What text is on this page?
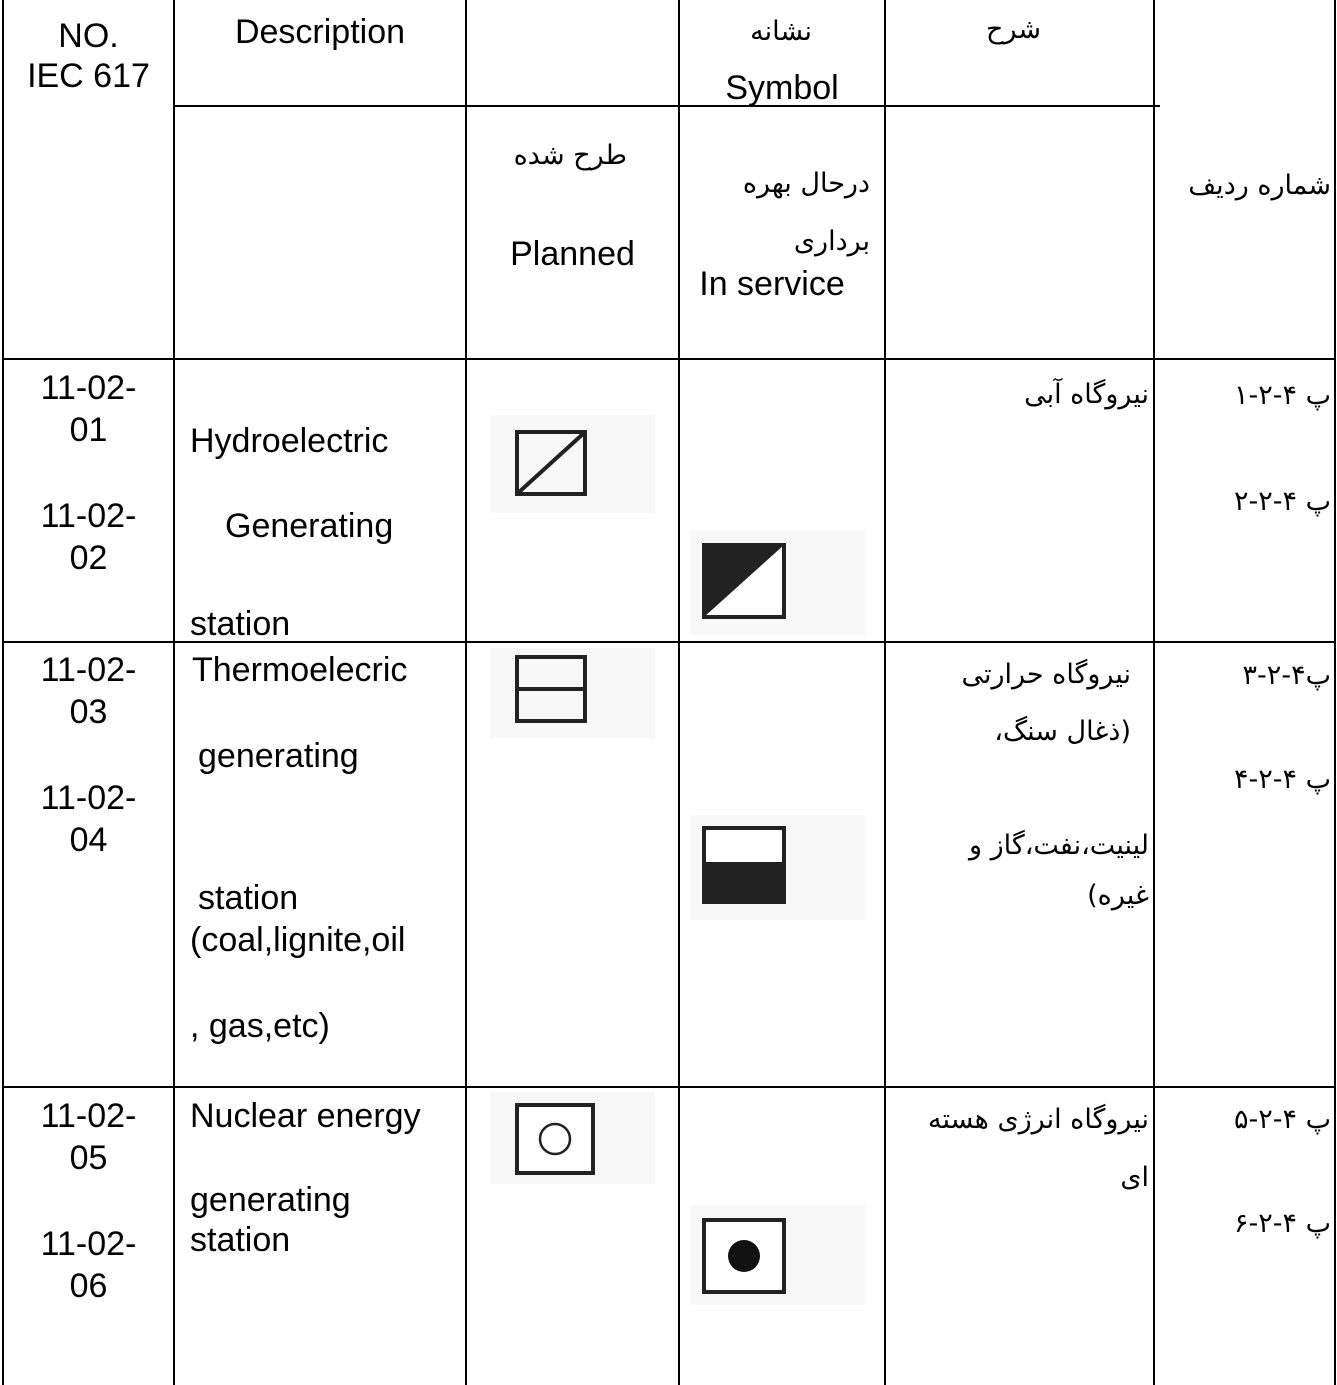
NO.
IEC 617
Description	نشانه
Symbol
شرح
شماره ردیف
طرح شده
Planned
درحال بهره
برداری
In service
11-02-
01
11-02-
02
Hydroelectric
Generating
station
نیروگاه آبی	پ ۴-۲-۱
پ ۴-۲-۲
11-02-
03
11-02-
04
Thermoelecric
generating
station
(coal,lignite,oil
, gas,etc)
نیروگاه حرارتی
(ذغال سنگ،
لینیت،نفت،گاز و
غیره)
پ۴-۲-۳
پ ۴-۲-۴
11-02-
05
11-02-
06
Nuclear energy
generating
station
نیروگاه انرژی هسته
ای
پ ۴-۲-۵
پ ۴-۲-۶
